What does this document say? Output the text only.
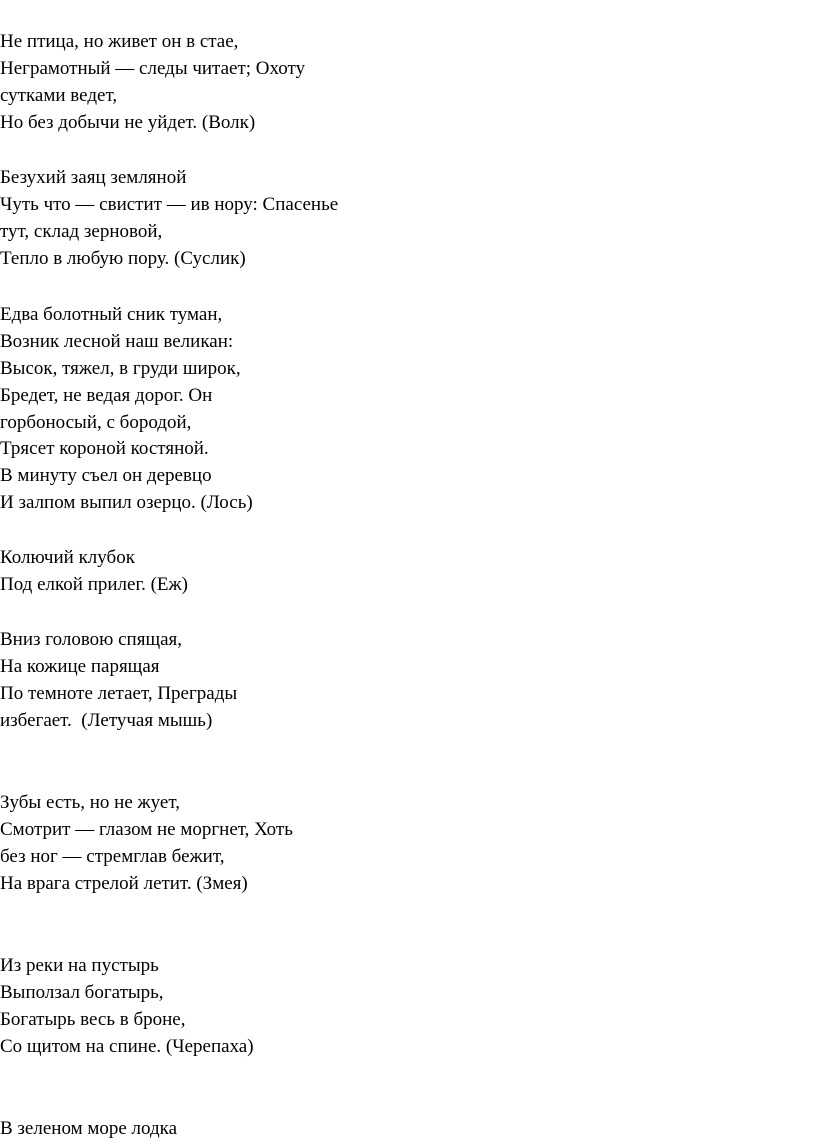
Не птица, но живет он в стае,
Неграмотный — следы читает; Охоту
сутками ведет,
Но без добычи не уйдет. (Волк)
Безухий заяц земляной
Чуть что — свистит — ив нору: Спасенье
тут, склад зерновой,
Тепло в любую пору. (Суслик)
Едва болотный сник туман,
Возник лесной наш великан:
Высок, тяжел, в груди широк,
Бредет, не ведая дорог. Он
горбоносый, с бородой,
Трясет короной костяной.
В минуту съел он деревцо
И залпом выпил озерцо. (Лось)
Колючий клубок
Под елкой прилег. (Еж)
Вниз головою спящая,
На кожице парящая
По темноте летает, Преграды
избегает.  (Летучая мышь)
Зубы есть, но не жует,
Смотрит — глазом не моргнет, Хоть
без ног — стремглав бежит,
На врага стрелой летит. (Змея)
Из реки на пустырь
Выползал богатырь,
Богатырь весь в броне,
Со щитом на спине. (Черепаха)
В зеленом море лодка
